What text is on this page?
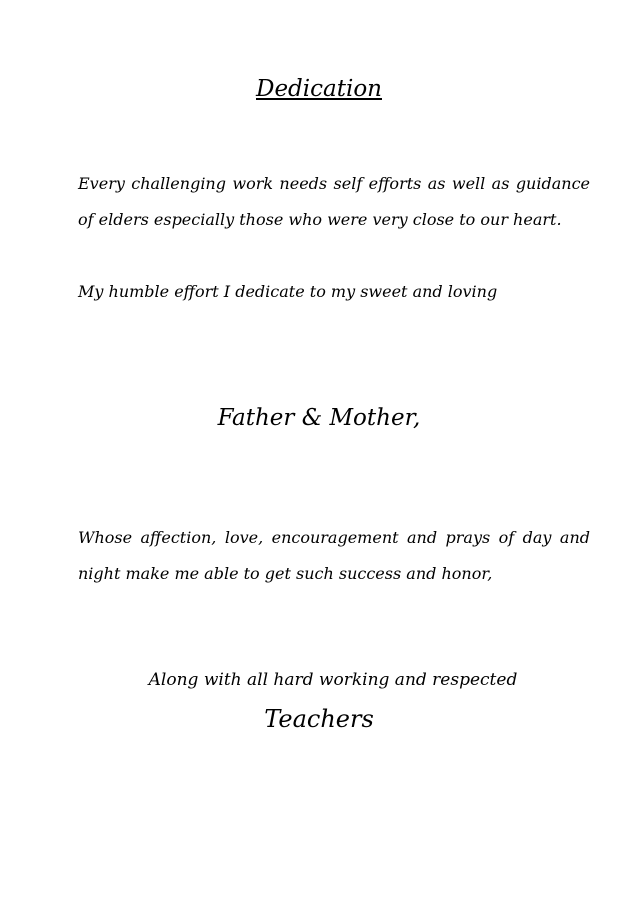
Dedication
Every challenging work needs self efforts as well as guidance of elders especially those who were very close to our heart.
My humble effort I dedicate to my sweet and loving
Father & Mother,
Whose affection, love, encouragement and prays of day and night make me able to get such success and honor,
Along with all hard working and respected
Teachers
